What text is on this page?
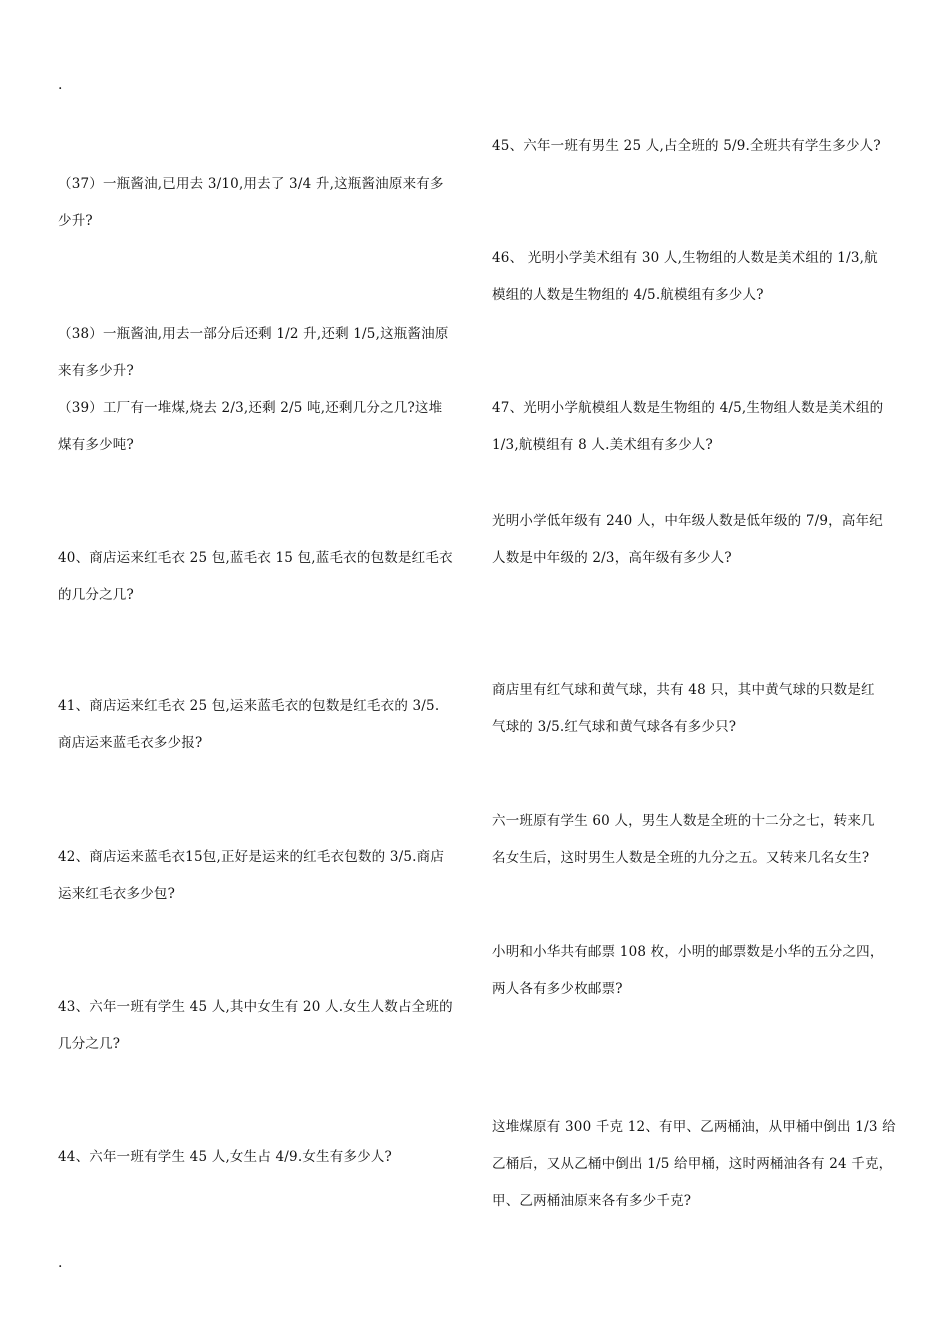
.
.
（37）一瓶酱油,已用去 3/10,用去了 3/4 升,这瓶酱油原来有多
少升?
（38）一瓶酱油,用去一部分后还剩 1/2 升,还剩 1/5,这瓶酱油原
来有多少升?
（39）工厂有一堆煤,烧去 2/3,还剩 2/5 吨,还剩几分之几?这堆
煤有多少吨?
40、商店运来红毛衣 25 包,蓝毛衣 15 包,蓝毛衣的包数是红毛衣
的几分之几?
41、商店运来红毛衣 25 包,运来蓝毛衣的包数是红毛衣的 3/5.
商店运来蓝毛衣多少报?
42、商店运来蓝毛衣15包,正好是运来的红毛衣包数的 3/5.商店
运来红毛衣多少包?
43、六年一班有学生 45 人,其中女生有 20 人.女生人数占全班的
几分之几?
44、六年一班有学生 45 人,女生占 4/9.女生有多少人?
45、六年一班有男生 25 人,占全班的 5/9.全班共有学生多少人?
46、 光明小学美术组有 30 人,生物组的人数是美术组的 1/3,航
模组的人数是生物组的 4/5.航模组有多少人?
47、光明小学航模组人数是生物组的 4/5,生物组人数是美术组的
1/3,航模组有 8 人.美术组有多少人?
光明小学低年级有 240 人，中年级人数是低年级的 7/9，高年纪
人数是中年级的 2/3，高年级有多少人?
商店里有红气球和黄气球，共有 48 只，其中黄气球的只数是红
气球的 3/5.红气球和黄气球各有多少只?
六一班原有学生 60 人，男生人数是全班的十二分之七，转来几
名女生后，这时男生人数是全班的九分之五。又转来几名女生?
小明和小华共有邮票 108 枚，小明的邮票数是小华的五分之四，
两人各有多少枚邮票?
这堆煤原有 300 千克 12、有甲、乙两桶油，从甲桶中倒出 1/3 给
乙桶后，又从乙桶中倒出 1/5 给甲桶，这时两桶油各有 24 千克，
甲、乙两桶油原来各有多少千克?
